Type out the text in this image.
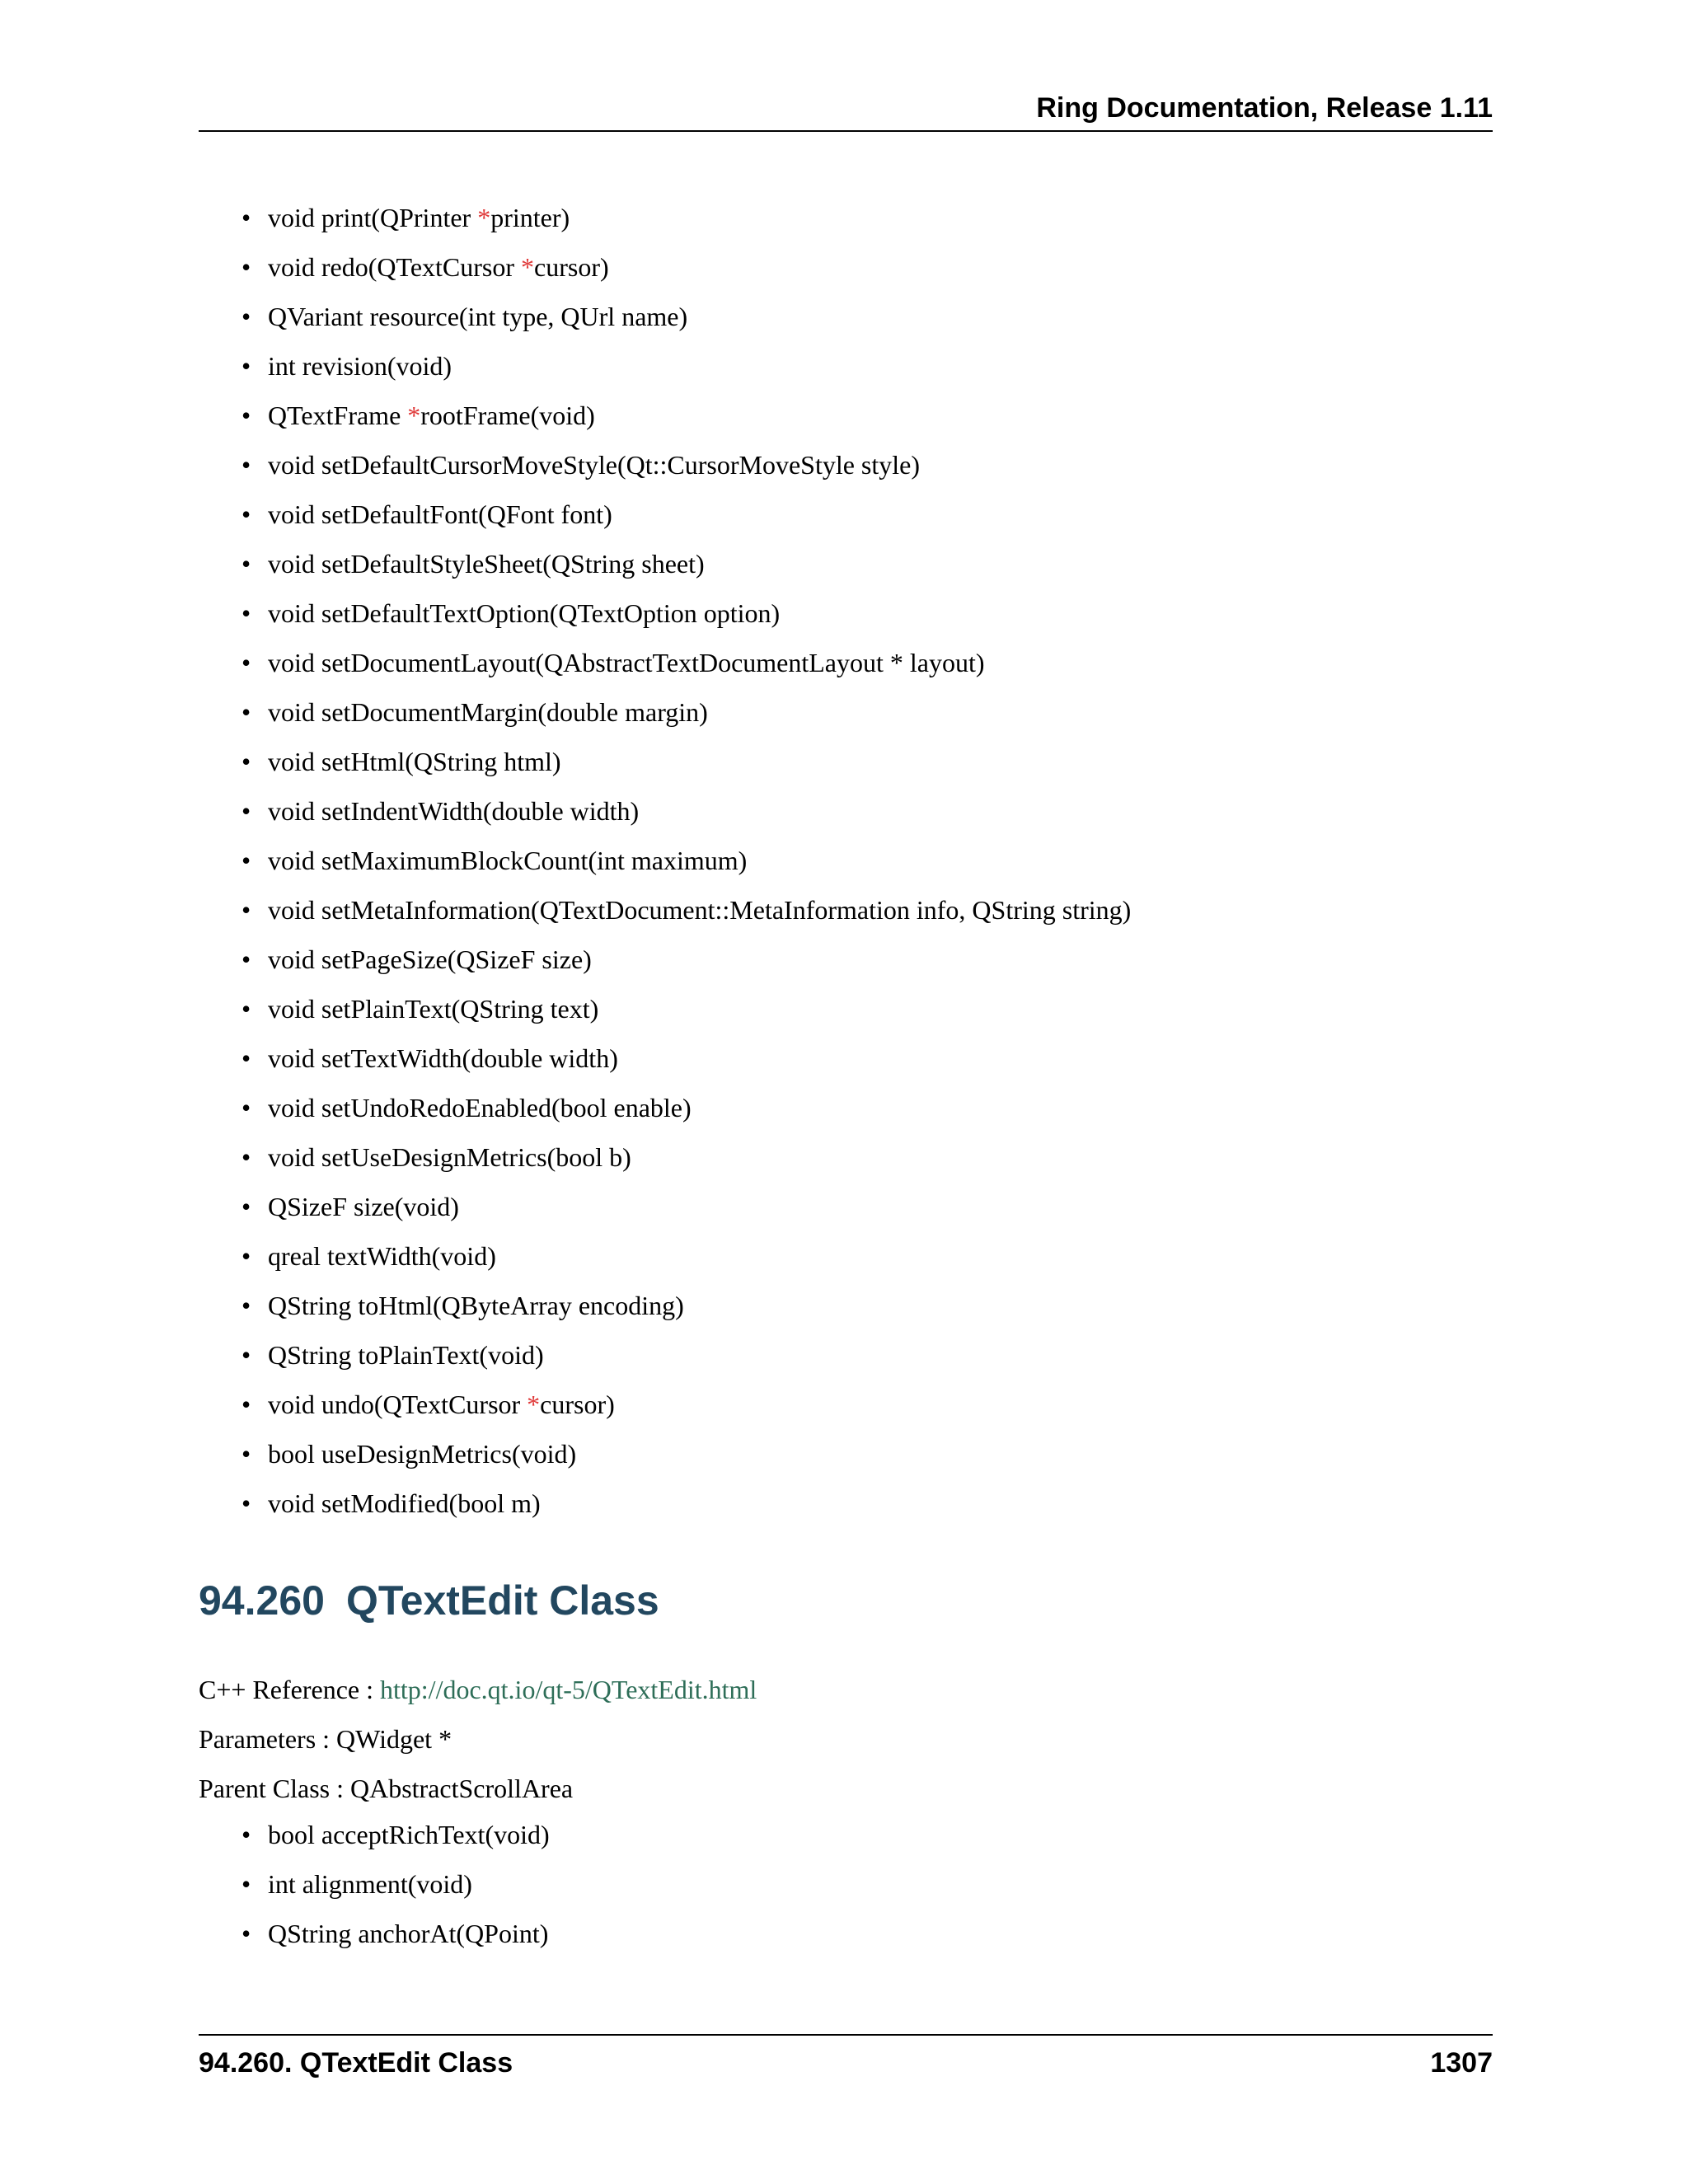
Ring Documentation, Release 1.11
• void print(QPrinter *printer)
• void redo(QTextCursor *cursor)
• QVariant resource(int type, QUrl name)
• int revision(void)
• QTextFrame *rootFrame(void)
• void setDefaultCursorMoveStyle(Qt::CursorMoveStyle style)
• void setDefaultFont(QFont font)
• void setDefaultStyleSheet(QString sheet)
• void setDefaultTextOption(QTextOption option)
• void setDocumentLayout(QAbstractTextDocumentLayout * layout)
• void setDocumentMargin(double margin)
• void setHtml(QString html)
• void setIndentWidth(double width)
• void setMaximumBlockCount(int maximum)
• void setMetaInformation(QTextDocument::MetaInformation info, QString string)
• void setPageSize(QSizeF size)
• void setPlainText(QString text)
• void setTextWidth(double width)
• void setUndoRedoEnabled(bool enable)
• void setUseDesignMetrics(bool b)
• QSizeF size(void)
• qreal textWidth(void)
• QString toHtml(QByteArray encoding)
• QString toPlainText(void)
• void undo(QTextCursor *cursor)
• bool useDesignMetrics(void)
• void setModified(bool m)
94.260 QTextEdit Class
C++ Reference : http://doc.qt.io/qt-5/QTextEdit.html
Parameters : QWidget *
Parent Class : QAbstractScrollArea
• bool acceptRichText(void)
• int alignment(void)
• QString anchorAt(QPoint)
94.260. QTextEdit Class	1307
